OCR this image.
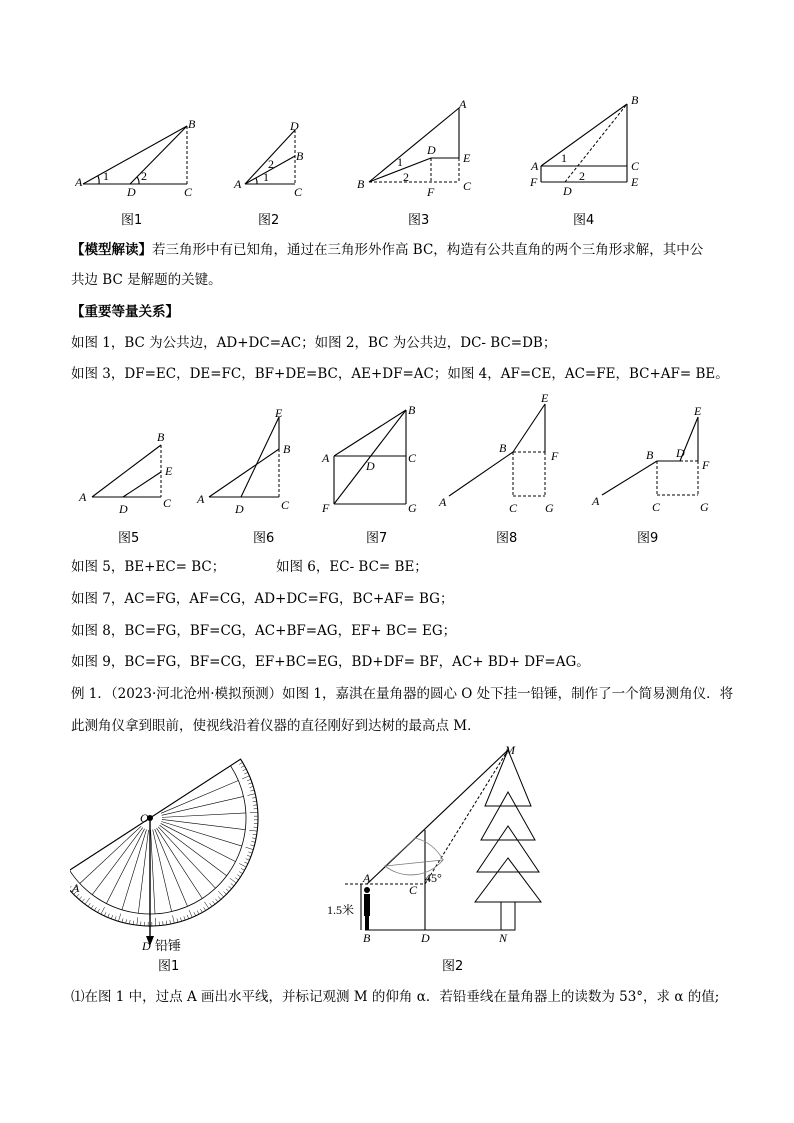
A
B
C
D
1	2
图1
A
B
C
D
2
1
图2
B
A
E
C
D
F
1
2
图3
A
B
C
E
F
D
1
2
图4
【模型解读】若三角形中有已知角，通过在三角形外作高 BC，构造有公共直角的两个三角形求解，其中公
共边 BC 是解题的关键。
【重要等量关系】
如图 1，BC 为公共边，AD+DC=AC；如图 2，BC 为公共边，DC- BC=DB；
如图 3，DF=EC，DE=FC，BF+DE=BC，AE+DF=AC；如图 4，AF=CE，AC=FE，BC+AF= BE。
A
B
E
C
D
图5
A
E
B
C
D
图6
A
B
C
D
F	G
图7
A
B
E
F
C G
图8
A
B D
E
F
C	G
图9
如图 5，BE+EC= BC；	如图 6，EC- BC= BE；
如图 7，AC=FG，AF=CG，AD+DC=FG，BC+AF= BG；
如图 8，BC=FG，BF=CG，AC+BF=AG，EF+ BC= EG；
如图 9，BC=FG，BF=CG，EF+BC=EG，BD+DF= BF，AC+ BD+ DF=AG。
例 1．（2023·河北沧州·模拟预测）如图 1，嘉淇在量角器的圆心 O 处下挂一铅锤，制作了一个简易测角仪．将
此测角仪拿到眼前，使视线沿着仪器的直径刚好到达树的最高点 M．
O
A
D 铅锤
图1
M
A
B
C
D	N
45°
1.5米
图2
⑴在图 1 中，过点 A 画出水平线，并标记观测 M 的仰角 α．若铅垂线在量角器上的读数为 53°，求 α 的值;
